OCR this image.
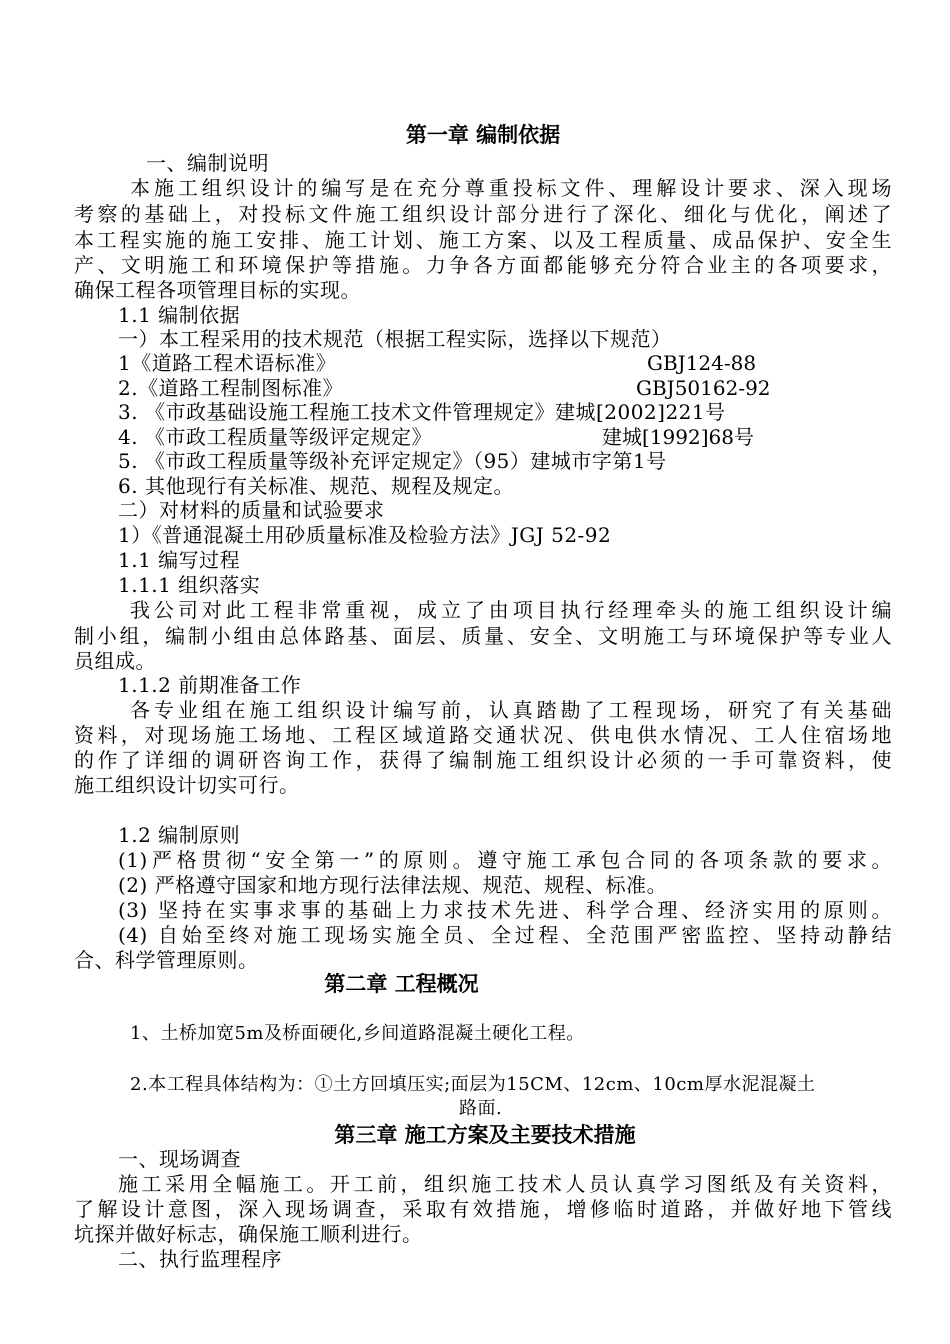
第一章 编制依据
一、编制说明
本施工组织设计的编写是在充分尊重投标文件、理解设计要求、深入现场
考察的基础上，对投标文件施工组织设计部分进行了深化、细化与优化，阐述了
本工程实施的施工安排、施工计划、施工方案、以及工程质量、成品保护、安全生
产、文明施工和环境保护等措施。力争各方面都能够充分符合业主的各项要求，
确保工程各项管理目标的实现。
1.1 编制依据
一）本工程采用的技术规范（根据工程实际，选择以下规范）
1《道路工程术语标准》	GBJ124-88
2.《道路工程制图标准》	GBJ50162-92
3. 《市政基础设施工程施工技术文件管理规定》建城[2002]221号
4. 《市政工程质量等级评定规定》	建城[1992]68号
5. 《市政工程质量等级补充评定规定》（95）建城市字第1号
6. 其他现行有关标准、规范、规程及规定。
二）对材料的质量和试验要求
1）《普通混凝土用砂质量标准及检验方法》JGJ 52-92
1.1 编写过程
1.1.1 组织落实
我公司对此工程非常重视，成立了由项目执行经理牵头的施工组织设计编
制小组，编制小组由总体路基、面层、质量、安全、文明施工与环境保护等专业人
员组成。
1.1.2 前期准备工作
各专业组在施工组织设计编写前，认真踏勘了工程现场，研究了有关基础
资料，对现场施工场地、工程区域道路交通状况、供电供水情况、工人住宿场地
的作了详细的调研咨询工作，获得了编制施工组织设计必须的一手可靠资料，使
施工组织设计切实可行。
1.2 编制原则
(1)严格贯彻“安全第一”的原则。遵守施工承包合同的各项条款的要求。
(2) 严格遵守国家和地方现行法律法规、规范、规程、标准。
(3) 坚持在实事求事的基础上力求技术先进、科学合理、经济实用的原则。
(4) 自始至终对施工现场实施全员、全过程、全范围严密监控、坚持动静结
合、科学管理原则。
第二章 工程概况
1、土桥加宽5m及桥面硬化,乡间道路混凝土硬化工程。
2.本工程具体结构为：①土方回填压实;面层为15CM、12cm、10cm厚水泥混凝土
路面.
第三章 施工方案及主要技术措施
一、现场调查
施工采用全幅施工。开工前，组织施工技术人员认真学习图纸及有关资料，
了解设计意图，深入现场调查，采取有效措施，增修临时道路，并做好地下管线
坑探并做好标志，确保施工顺利进行。
二、执行监理程序
